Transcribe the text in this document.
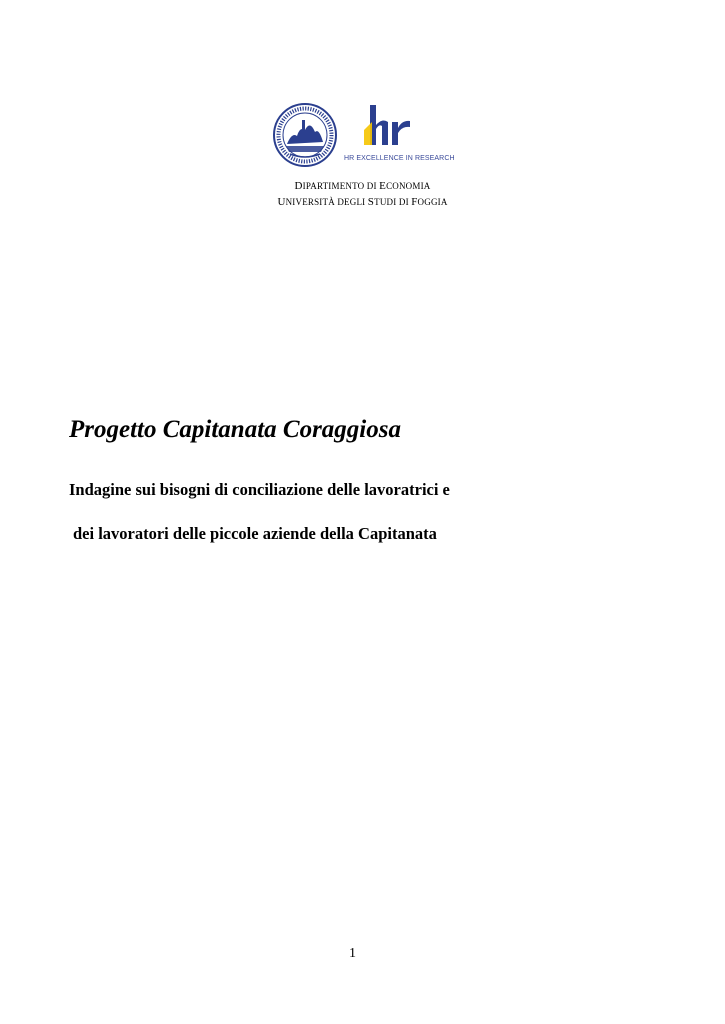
HR EXCELLENCE IN RESEARCH
DIPARTIMENTO DI ECONOMIA
UNIVERSITÀ DEGLI STUDI DI FOGGIA
Progetto Capitanata Coraggiosa
Indagine sui bisogni di conciliazione delle lavoratrici e
dei lavoratori delle piccole aziende della Capitanata
1
